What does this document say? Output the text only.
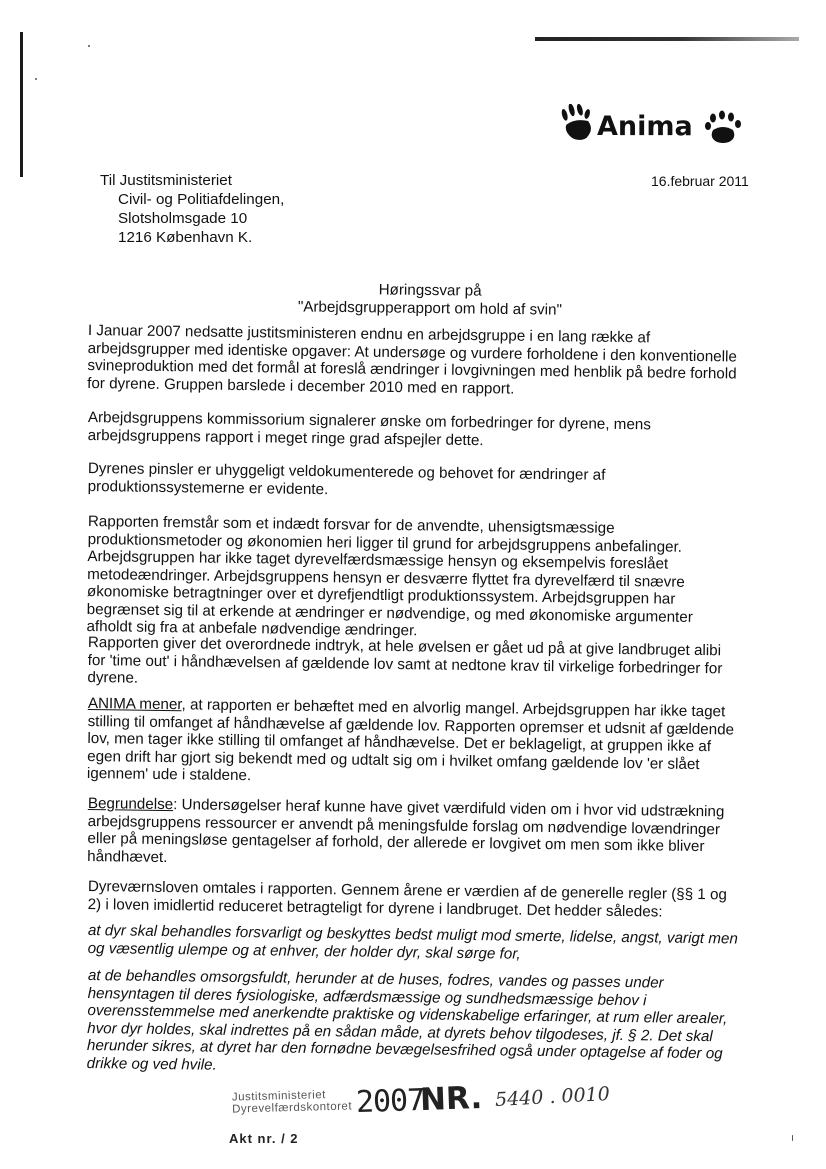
Anima
Til Justitsministeriet
Civil- og Politiafdelingen,
Slotsholmsgade 10
1216 København K.
16.februar 2011
Høringssvar på
"Arbejdsgrupperapport om hold af svin"

I Januar 2007 nedsatte justitsministeren endnu en arbejdsgruppe i en lang række af arbejdsgrupper med identiske opgaver: At undersøge og vurdere forholdene i den konventionelle svineproduktion med det formål at foreslå ændringer i lovgivningen med henblik på bedre forhold for dyrene. Gruppen barslede i december 2010 med en rapport.

Arbejdsgruppens kommissorium signalerer ønske om forbedringer for dyrene, mens arbejdsgruppens rapport i meget ringe grad afspejler dette.

Dyrenes pinsler er uhyggeligt veldokumenterede og behovet for ændringer af produktionssystemerne er evidente.

Rapporten fremstår som et indædt forsvar for de anvendte, uhensigtsmæssige produktionsmetoder og økonomien heri ligger til grund for arbejdsgruppens anbefalinger. Arbejdsgruppen har ikke taget dyrevelfærdsmæssige hensyn og eksempelvis foreslået metodeændringer. Arbejdsgruppens hensyn er desværre flyttet fra dyrevelfærd til snævre økonomiske betragtninger over et dyrefjendtligt produktionssystem. Arbejdsgruppen har begrænset sig til at erkende at ændringer er nødvendige, og med økonomiske argumenter afholdt sig fra at anbefale nødvendige ændringer.

Rapporten giver det overordnede indtryk, at hele øvelsen er gået ud på at give landbruget alibi for 'time out' i håndhævelsen af gældende lov samt at nedtone krav til virkelige forbedringer for dyrene.

ANIMA mener, at rapporten er behæftet med en alvorlig mangel. Arbejdsgruppen har ikke taget stilling til omfanget af håndhævelse af gældende lov. Rapporten opremser et udsnit af gældende lov, men tager ikke stilling til omfanget af håndhævelse. Det er beklageligt, at gruppen ikke af egen drift har gjort sig bekendt med og udtalt sig om i hvilket omfang gældende lov 'er slået igennem' ude i staldene.

Begrundelse: Undersøgelser heraf kunne have givet værdifuld viden om i hvor vid udstrækning arbejdsgruppens ressourcer er anvendt på meningsfulde forslag om nødvendige lovændringer eller på meningsløse gentagelser af forhold, der allerede er lovgivet om men som ikke bliver håndhævet.

Dyreværnsloven omtales i rapporten. Gennem årene er værdien af de generelle regler (§§ 1 og 2) i loven imidlertid reduceret betragteligt for dyrene i landbruget. Det hedder således:

at dyr skal behandles forsvarligt og beskyttes bedst muligt mod smerte, lidelse, angst, varigt men og væsentlig ulempe og at enhver, der holder dyr, skal sørge for,

at de behandles omsorgsfuldt, herunder at de huses, fodres, vandes og passes under hensyntagen til deres fysiologiske, adfærdsmæssige og sundhedsmæssige behov i overensstemmelse med anerkendte praktiske og videnskabelige erfaringer, at rum eller arealer, hvor dyr holdes, skal indrettes på en sådan måde, at dyrets behov tilgodeses, jf. § 2. Det skal herunder sikres, at dyret har den fornødne bevægelsesfrihed også under optagelse af foder og drikke og ved hvile.

Justitsministeriet
Dyrevelfærdskontoret 2007
NR. 5440 . 0010
Akt nr. / 2
